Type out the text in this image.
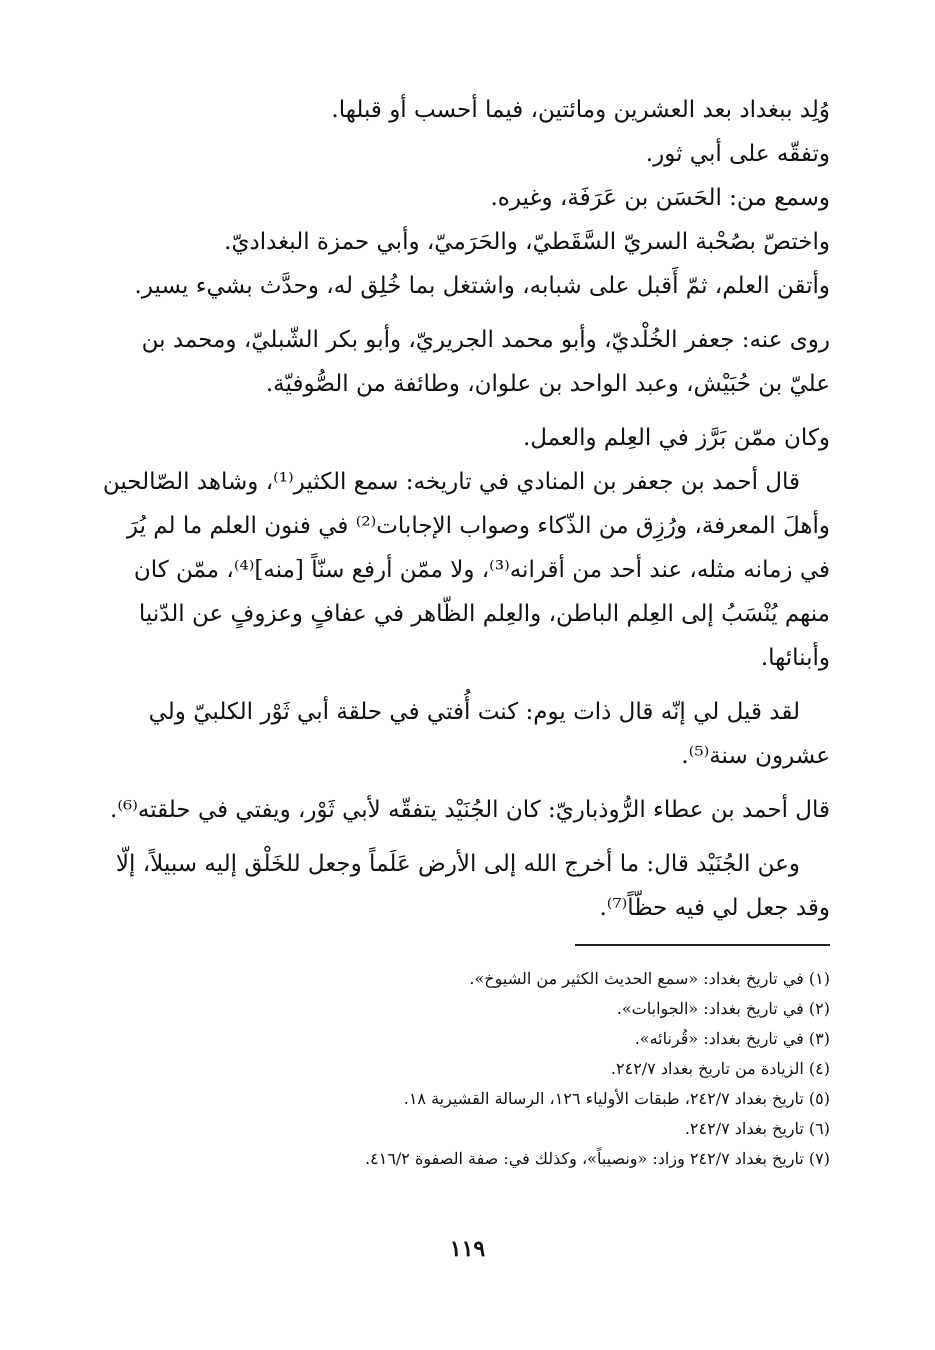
وُلِد ببغداد بعد العشرين ومائتين، فيما أحسب أو قبلها.

وتفقّه على أبي ثور.

وسمع من: الحَسَن بن عَرَفَة، وغيره.

واختصّ بصُحْبة السريّ السَّقَطيّ، والحَرَميّ، وأبي حمزة البغداديّ.

وأتقن العلم، ثمّ أَقبل على شبابه، واشتغل بما خُلِق له، وحدَّث بشيء يسير.

روى عنه: جعفر الخُلْديّ، وأبو محمد الجريريّ، وأبو بكر الشّبليّ، ومحمد بن عليّ بن حُبَيْش، وعبد الواحد بن علوان، وطائفة من الصُّوفيّة.

وكان ممّن بَرَّز في العِلم والعمل.

قال أحمد بن جعفر بن المنادي في تاريخه: سمع الكثير⁽¹⁾، وشاهد الصّالحين وأهلَ المعرفة، ورُزِق من الذّكاء وصواب الإجابات⁽²⁾ في فنون العلم ما لم يُرَ في زمانه مثله، عند أحد من أقرانه⁽³⁾، ولا ممّن أرفع سنّاً [منه]⁽⁴⁾، ممّن كان منهم يُنْسَبُ إلى العِلم الباطن، والعِلم الظّاهر في عفافٍ وعزوفٍ عن الدّنيا وأبنائها.

لقد قيل لي إنّه قال ذات يوم: كنت أُفتي في حلقة أبي ثَوْر الكلبيّ ولي عشرون سنة⁽⁵⁾.

قال أحمد بن عطاء الرُّوذباريّ: كان الجُنَيْد يتفقّه لأبي ثَوْر، ويفتي في حلقته⁽⁶⁾.

وعن الجُنَيْد قال: ما أخرج الله إلى الأرض عَلَماً وجعل للخَلْق إليه سبيلاً، إلّا وقد جعل لي فيه حظّاً⁽⁷⁾.

(١) في تاريخ بغداد: «سمع الحديث الكثير من الشيوخ».

(٢) في تاريخ بغداد: «الجوابات».

(٣) في تاريخ بغداد: «قُرنائه».

(٤) الزيادة من تاريخ بغداد ٢٤٢/٧.

(٥) تاريخ بغداد ٢٤٢/٧، طبقات الأولياء ١٢٦، الرسالة القشيرية ١٨.

(٦) تاريخ بغداد ٢٤٢/٧.

(٧) تاريخ بغداد ٢٤٢/٧ وزاد: «ونصيباً»، وكذلك في: صفة الصفوة ٤١٦/٢.

١١٩
